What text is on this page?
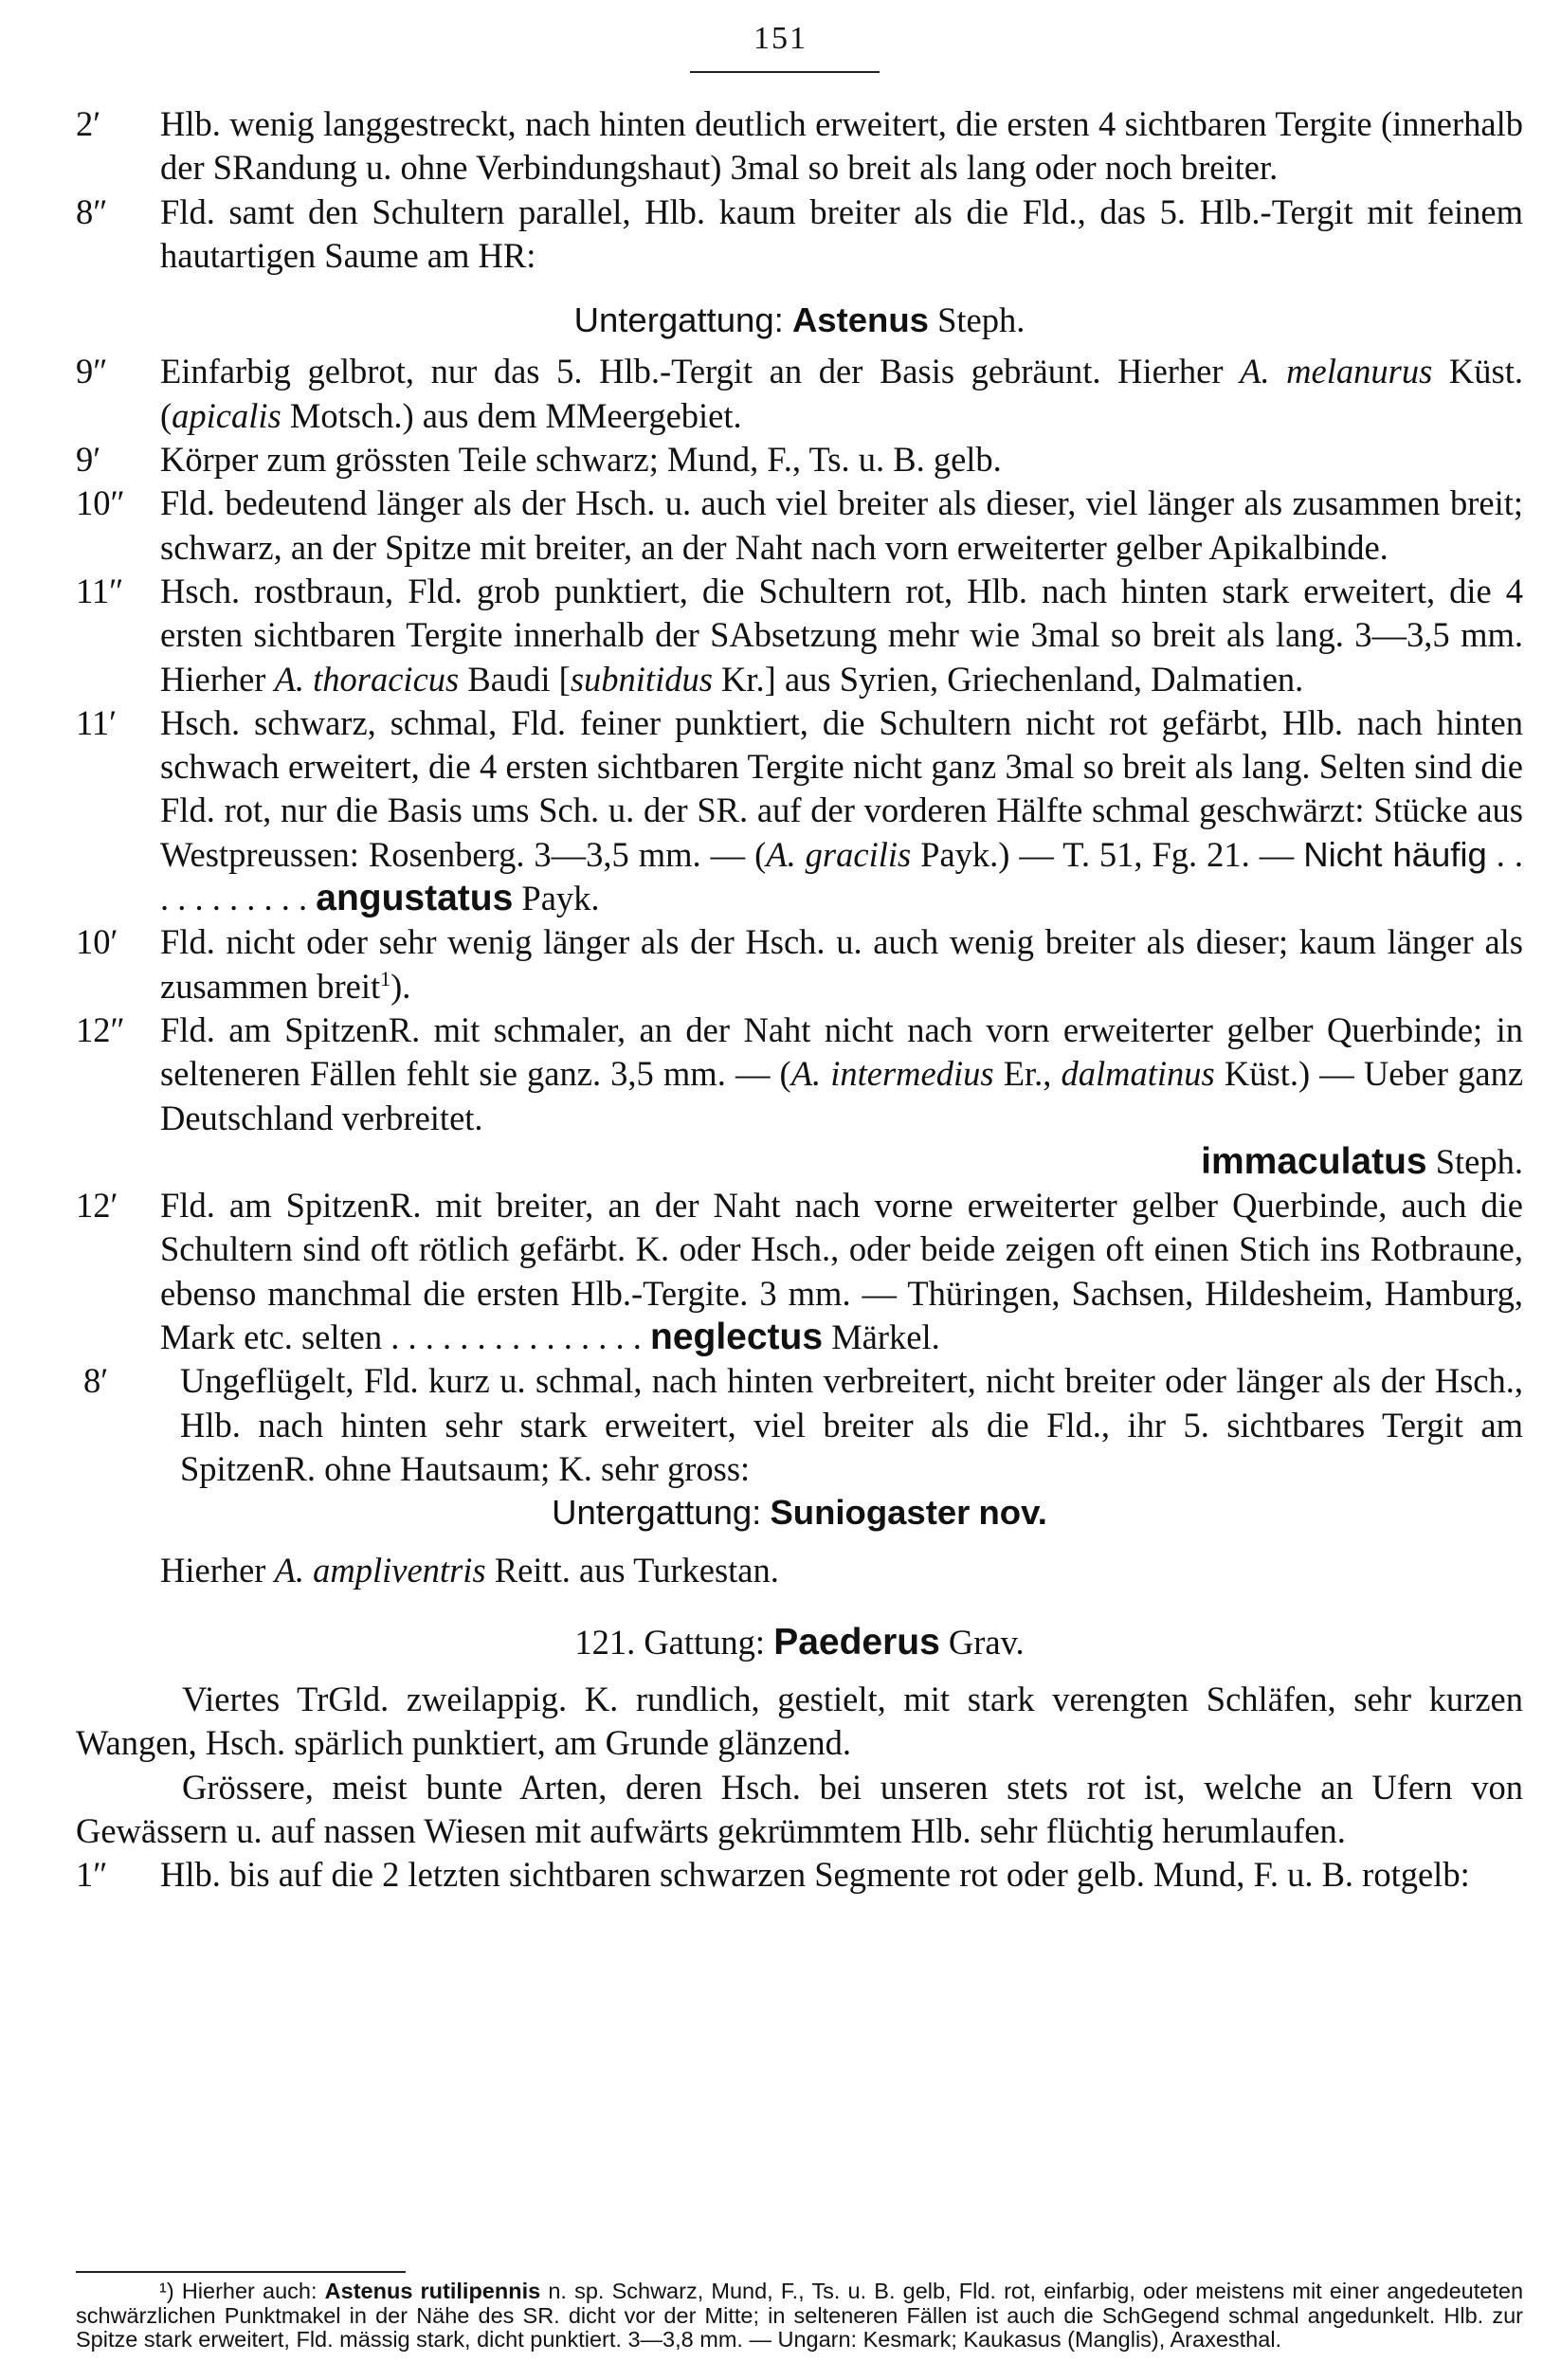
151
2′ Hlb. wenig langgestreckt, nach hinten deutlich erweitert, die ersten 4 sichtbaren Tergite (innerhalb der SRandung u. ohne Verbindungshaut) 3mal so breit als lang oder noch breiter.
8″ Fld. samt den Schultern parallel, Hlb. kaum breiter als die Fld., das 5. Hlb.-Tergit mit feinem hautartigen Saume am HR:
Untergattung: Astenus Steph.
9″ Einfarbig gelbrot, nur das 5. Hlb.-Tergit an der Basis gebräunt. Hierher A. melanurus Küst. (apicalis Motsch.) aus dem MMeergebiet.
9′ Körper zum grössten Teile schwarz; Mund, F., Ts. u. B. gelb.
10″ Fld. bedeutend länger als der Hsch. u. auch viel breiter als dieser, viel länger als zusammen breit; schwarz, an der Spitze mit breiter, an der Naht nach vorn erweiterter gelber Apikalbinde.
11″ Hsch. rostbraun, Fld. grob punktiert, die Schultern rot, Hlb. nach hinten stark erweitert, die 4 ersten sichtbaren Tergite innerhalb der SAbsetzung mehr wie 3mal so breit als lang. 3—3,5 mm. Hierher A. thoracicus Baudi [subnitidus Kr.] aus Syrien, Griechenland, Dalmatien.
11′ Hsch. schwarz, schmal, Fld. feiner punktiert, die Schultern nicht rot gefärbt, Hlb. nach hinten schwach erweitert, die 4 ersten sichtbaren Tergite nicht ganz 3mal so breit als lang. Selten sind die Fld. rot, nur die Basis ums Sch. u. der SR. auf der vorderen Hälfte schmal geschwärzt: Stücke aus Westpreussen: Rosenberg. 3—3,5 mm. — (A. gracilis Payk.) — T. 51, Fg. 21. — Nicht häufig . . . . . . . . . . . angustatus Payk.
10′ Fld. nicht oder sehr wenig länger als der Hsch. u. auch wenig breiter als dieser; kaum länger als zusammen breit$^1$).
12″ Fld. am SpitzenR. mit schmaler, an der Naht nicht nach vorn erweiterter gelber Querbinde; in selteneren Fällen fehlt sie ganz. 3,5 mm. — (A. intermedius Er., dalmatinus Küst.) — Ueber ganz Deutschland verbreitet.
immaculatus Steph.
12′ Fld. am SpitzenR. mit breiter, an der Naht nach vorne erweiterter gelber Querbinde, auch die Schultern sind oft rötlich gefärbt. K. oder Hsch., oder beide zeigen oft einen Stich ins Rotbraune, ebenso manchmal die ersten Hlb.-Tergite. 3 mm. — Thüringen, Sachsen, Hildesheim, Hamburg, Mark etc. selten . . . . . . . . . . . . . . . neglectus Märkel.
8′ Ungeflügelt, Fld. kurz u. schmal, nach hinten verbreitert, nicht breiter oder länger als der Hsch., Hlb. nach hinten sehr stark erweitert, viel breiter als die Fld., ihr 5. sichtbares Tergit am SpitzenR. ohne Hautsaum; K. sehr gross:
Untergattung: Suniogaster nov.
Hierher A. ampliventris Reitt. aus Turkestan.
121. Gattung: Paederus Grav.
Viertes TrGld. zweilappig. K. rundlich, gestielt, mit stark verengten Schläfen, sehr kurzen Wangen, Hsch. spärlich punktiert, am Grunde glänzend.
Grössere, meist bunte Arten, deren Hsch. bei unseren stets rot ist, welche an Ufern von Gewässern u. auf nassen Wiesen mit aufwärts gekrümmtem Hlb. sehr flüchtig herumlaufen.
1″ Hlb. bis auf die 2 letzten sichtbaren schwarzen Segmente rot oder gelb. Mund, F. u. B. rotgelb:
¹) Hierher auch: Astenus rutilipennis n. sp. Schwarz, Mund, F., Ts. u. B. gelb, Fld. rot, einfarbig, oder meistens mit einer angedeuteten schwärzlichen Punktmakel in der Nähe des SR. dicht vor der Mitte; in selteneren Fällen ist auch die SchGegend schmal angedunkelt. Hlb. zur Spitze stark erweitert, Fld. mässig stark, dicht punktiert. 3—3,8 mm. — Ungarn: Kesmark; Kaukasus (Manglis), Araxesthal.
